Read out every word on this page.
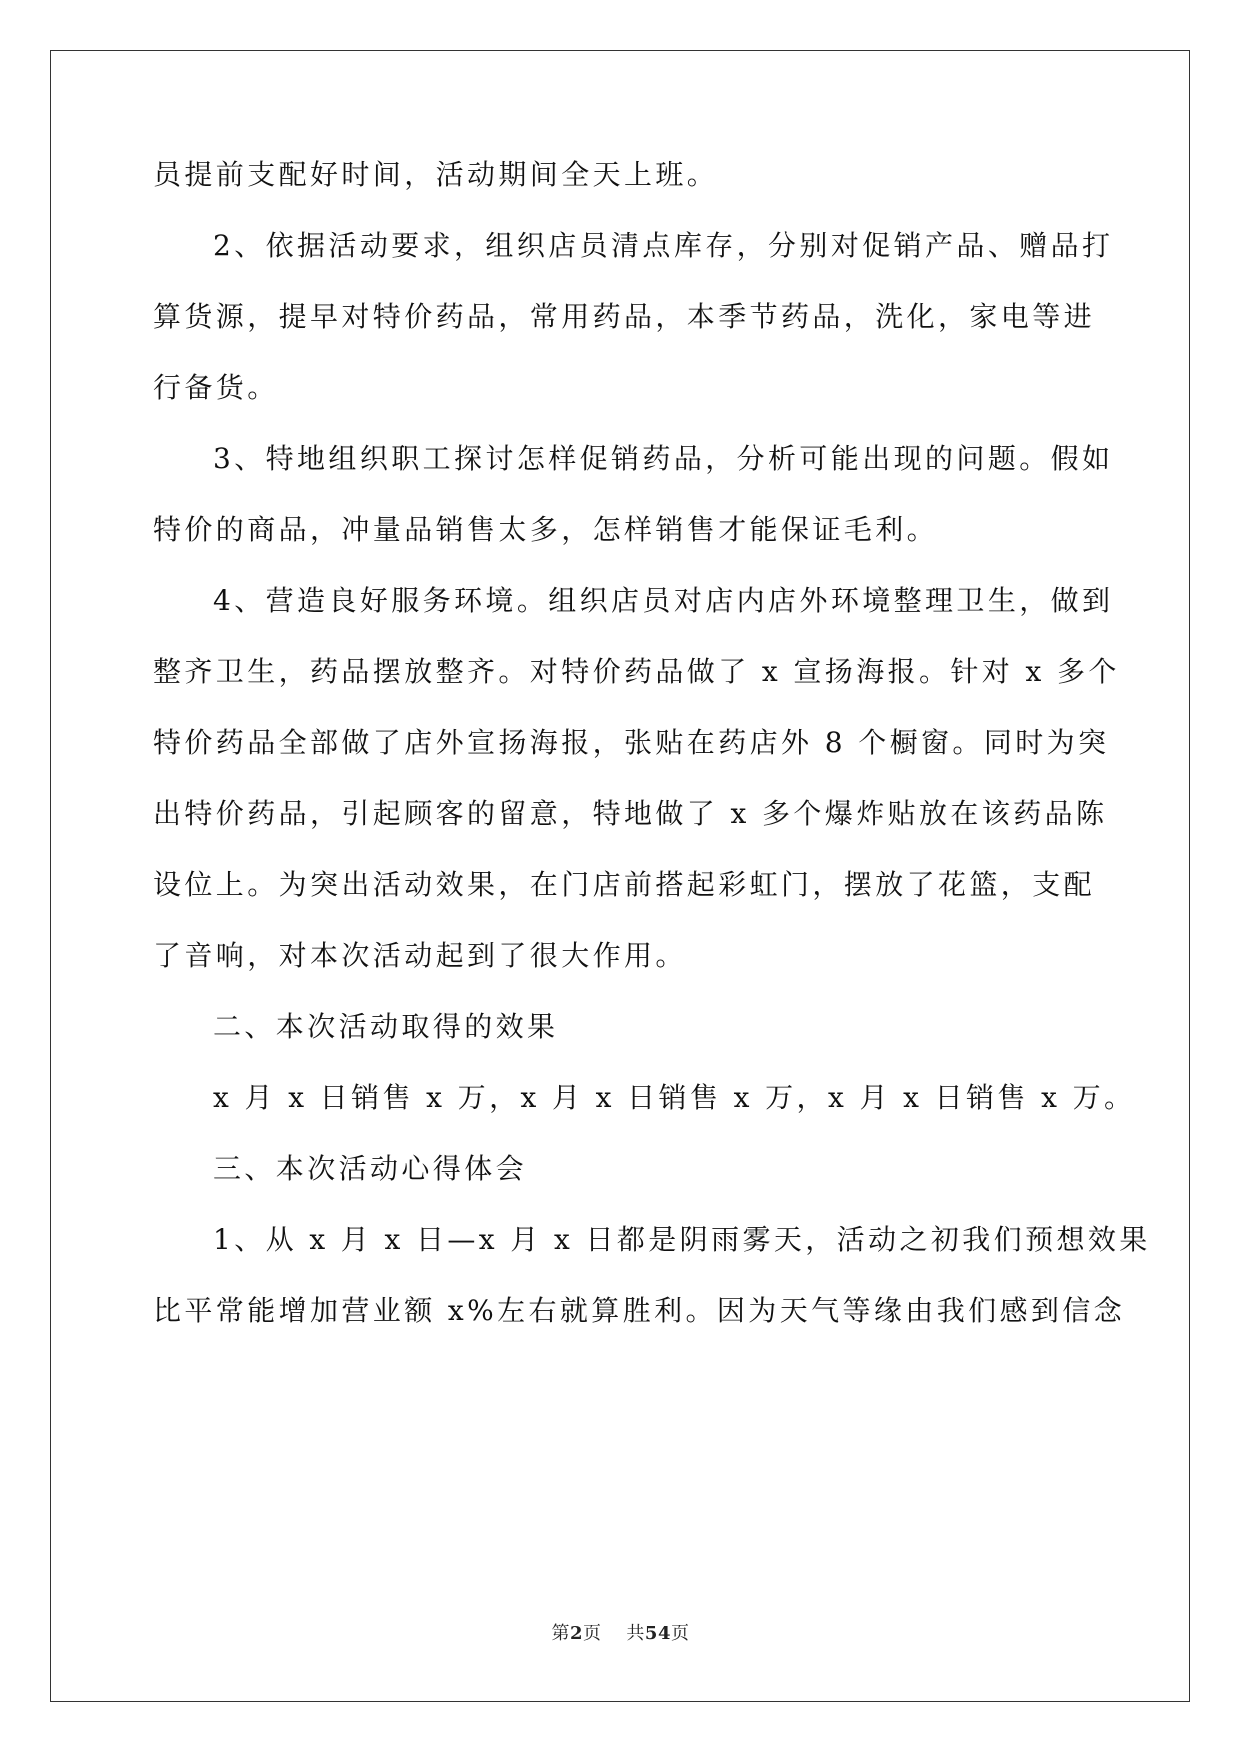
员提前支配好时间，活动期间全天上班。
2、依据活动要求，组织店员清点库存，分别对促销产品、赠品打
算货源，提早对特价药品，常用药品，本季节药品，洗化，家电等进
行备货。
3、特地组织职工探讨怎样促销药品，分析可能出现的问题。假如
特价的商品，冲量品销售太多，怎样销售才能保证毛利。
4、营造良好服务环境。组织店员对店内店外环境整理卫生，做到
整齐卫生，药品摆放整齐。对特价药品做了 x 宣扬海报。针对 x 多个
特价药品全部做了店外宣扬海报，张贴在药店外 8 个橱窗。同时为突
出特价药品，引起顾客的留意，特地做了 x 多个爆炸贴放在该药品陈
设位上。为突出活动效果，在门店前搭起彩虹门，摆放了花篮，支配
了音响，对本次活动起到了很大作用。
二、本次活动取得的效果
x 月 x 日销售 x 万，x 月 x 日销售 x 万，x 月 x 日销售 x 万。
三、本次活动心得体会
1、从 x 月 x 日—x 月 x 日都是阴雨雾天，活动之初我们预想效果
比平常能增加营业额 x%左右就算胜利。因为天气等缘由我们感到信念
第2页 共54页
